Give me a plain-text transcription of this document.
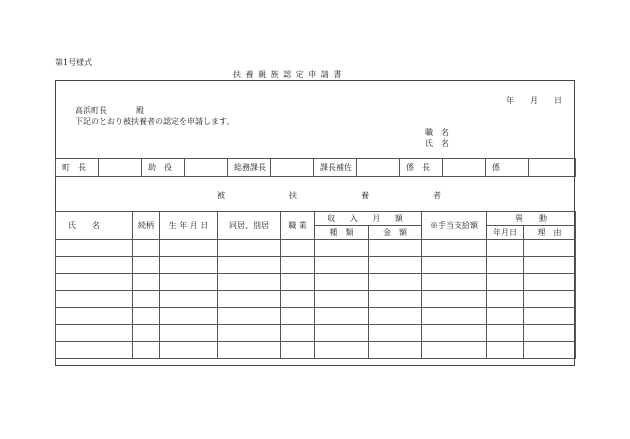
第1号様式
扶 養 親 族 認 定 申 請 書
年　　月　　日
高浜町長	殿
下記のとおり被扶養者の認定を申請します。
職　名
氏　名
町　長		助　役		総務課長		課長補佐		係　長		係	
被　扶　養　者
氏　　名	続柄	生 年 月 日	同居、別居	職 業	収 入 月 額		※手当支給額	異　　動	
					種　類	金　額		年月日	理　由
